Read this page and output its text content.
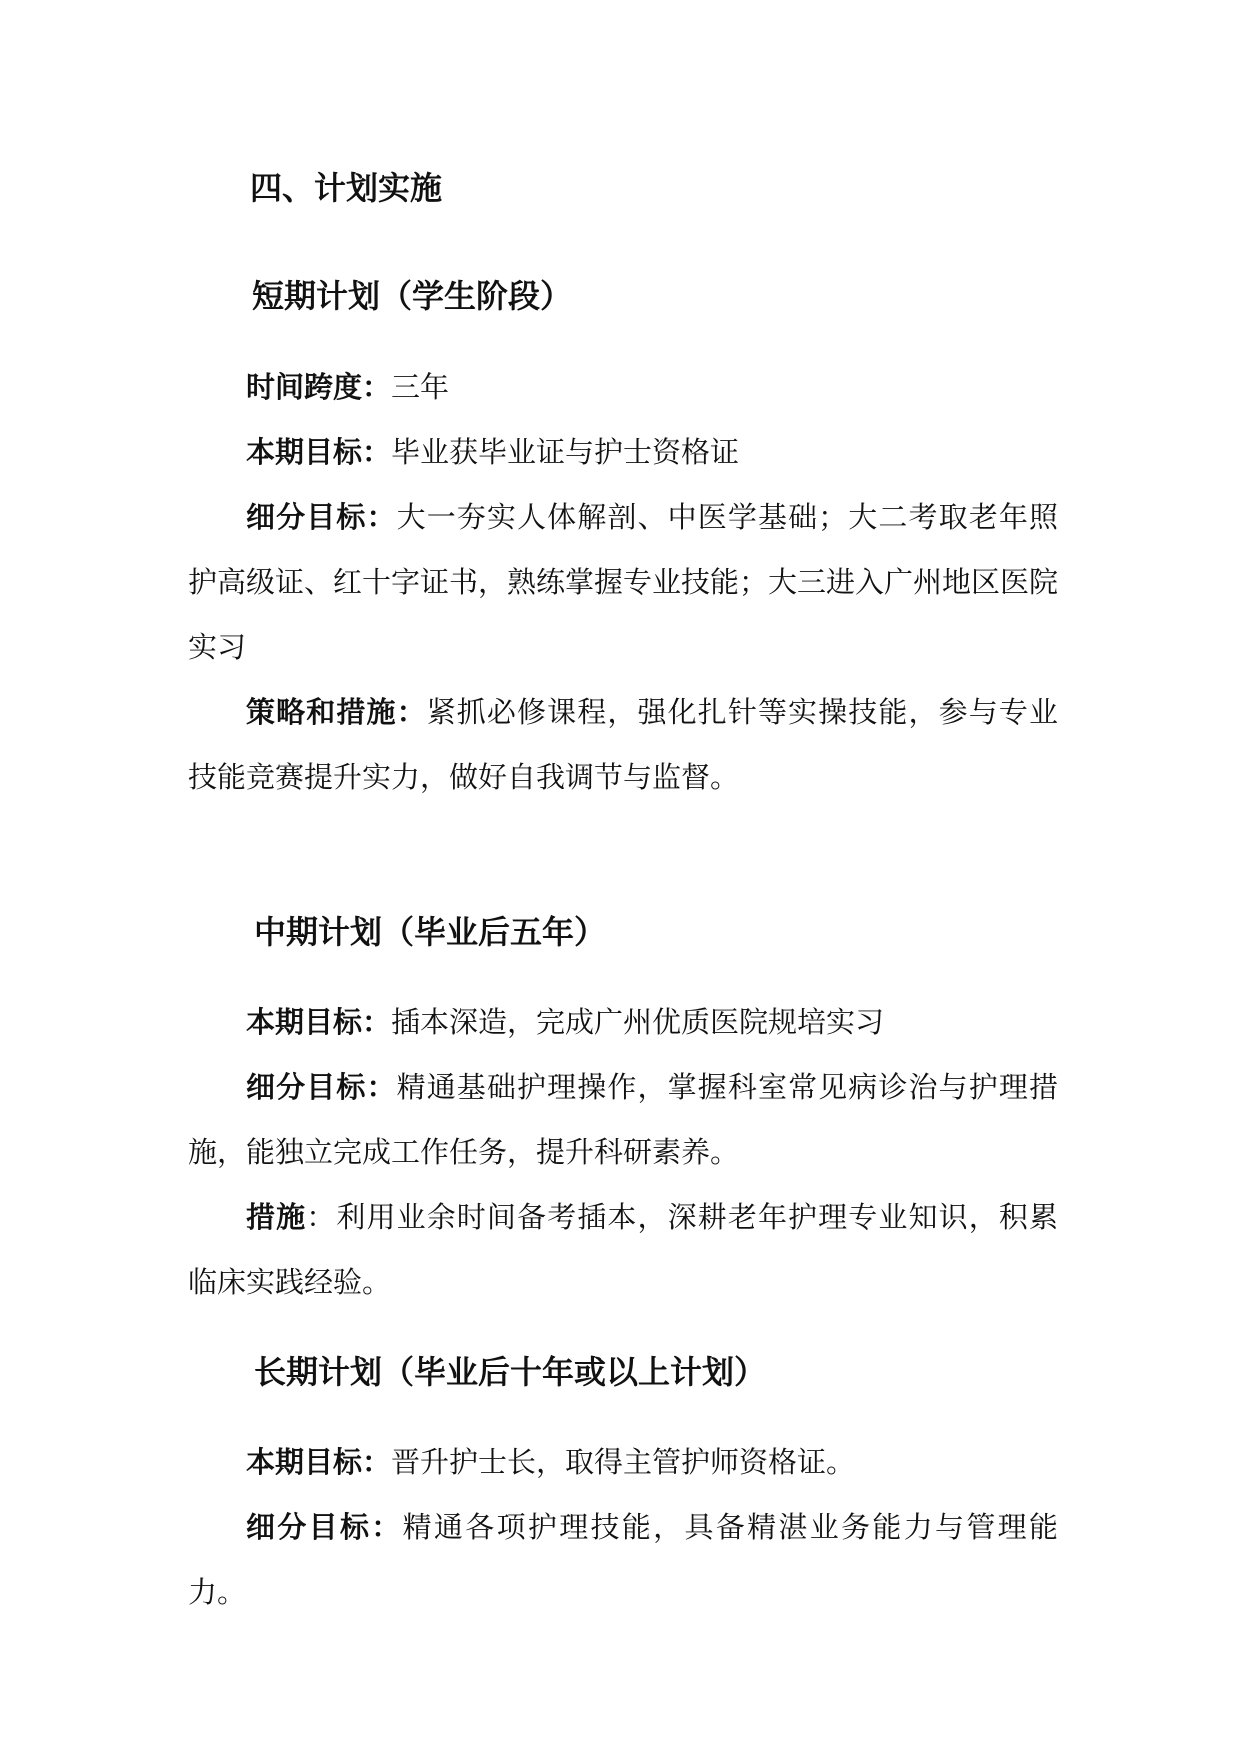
四、计划实施
短期计划（学生阶段）
时间跨度：三年
本期目标：毕业获毕业证与护士资格证
细分目标：大一夯实人体解剖、中医学基础；大二考取老年照护高级证、红十字证书，熟练掌握专业技能；大三进入广州地区医院实习
策略和措施：紧抓必修课程，强化扎针等实操技能，参与专业技能竞赛提升实力，做好自我调节与监督。
中期计划（毕业后五年）
本期目标：插本深造，完成广州优质医院规培实习
细分目标：精通基础护理操作，掌握科室常见病诊治与护理措施，能独立完成工作任务，提升科研素养。
措施：利用业余时间备考插本，深耕老年护理专业知识，积累临床实践经验。
长期计划（毕业后十年或以上计划）
本期目标：晋升护士长，取得主管护师资格证。
细分目标：精通各项护理技能，具备精湛业务能力与管理能力。
